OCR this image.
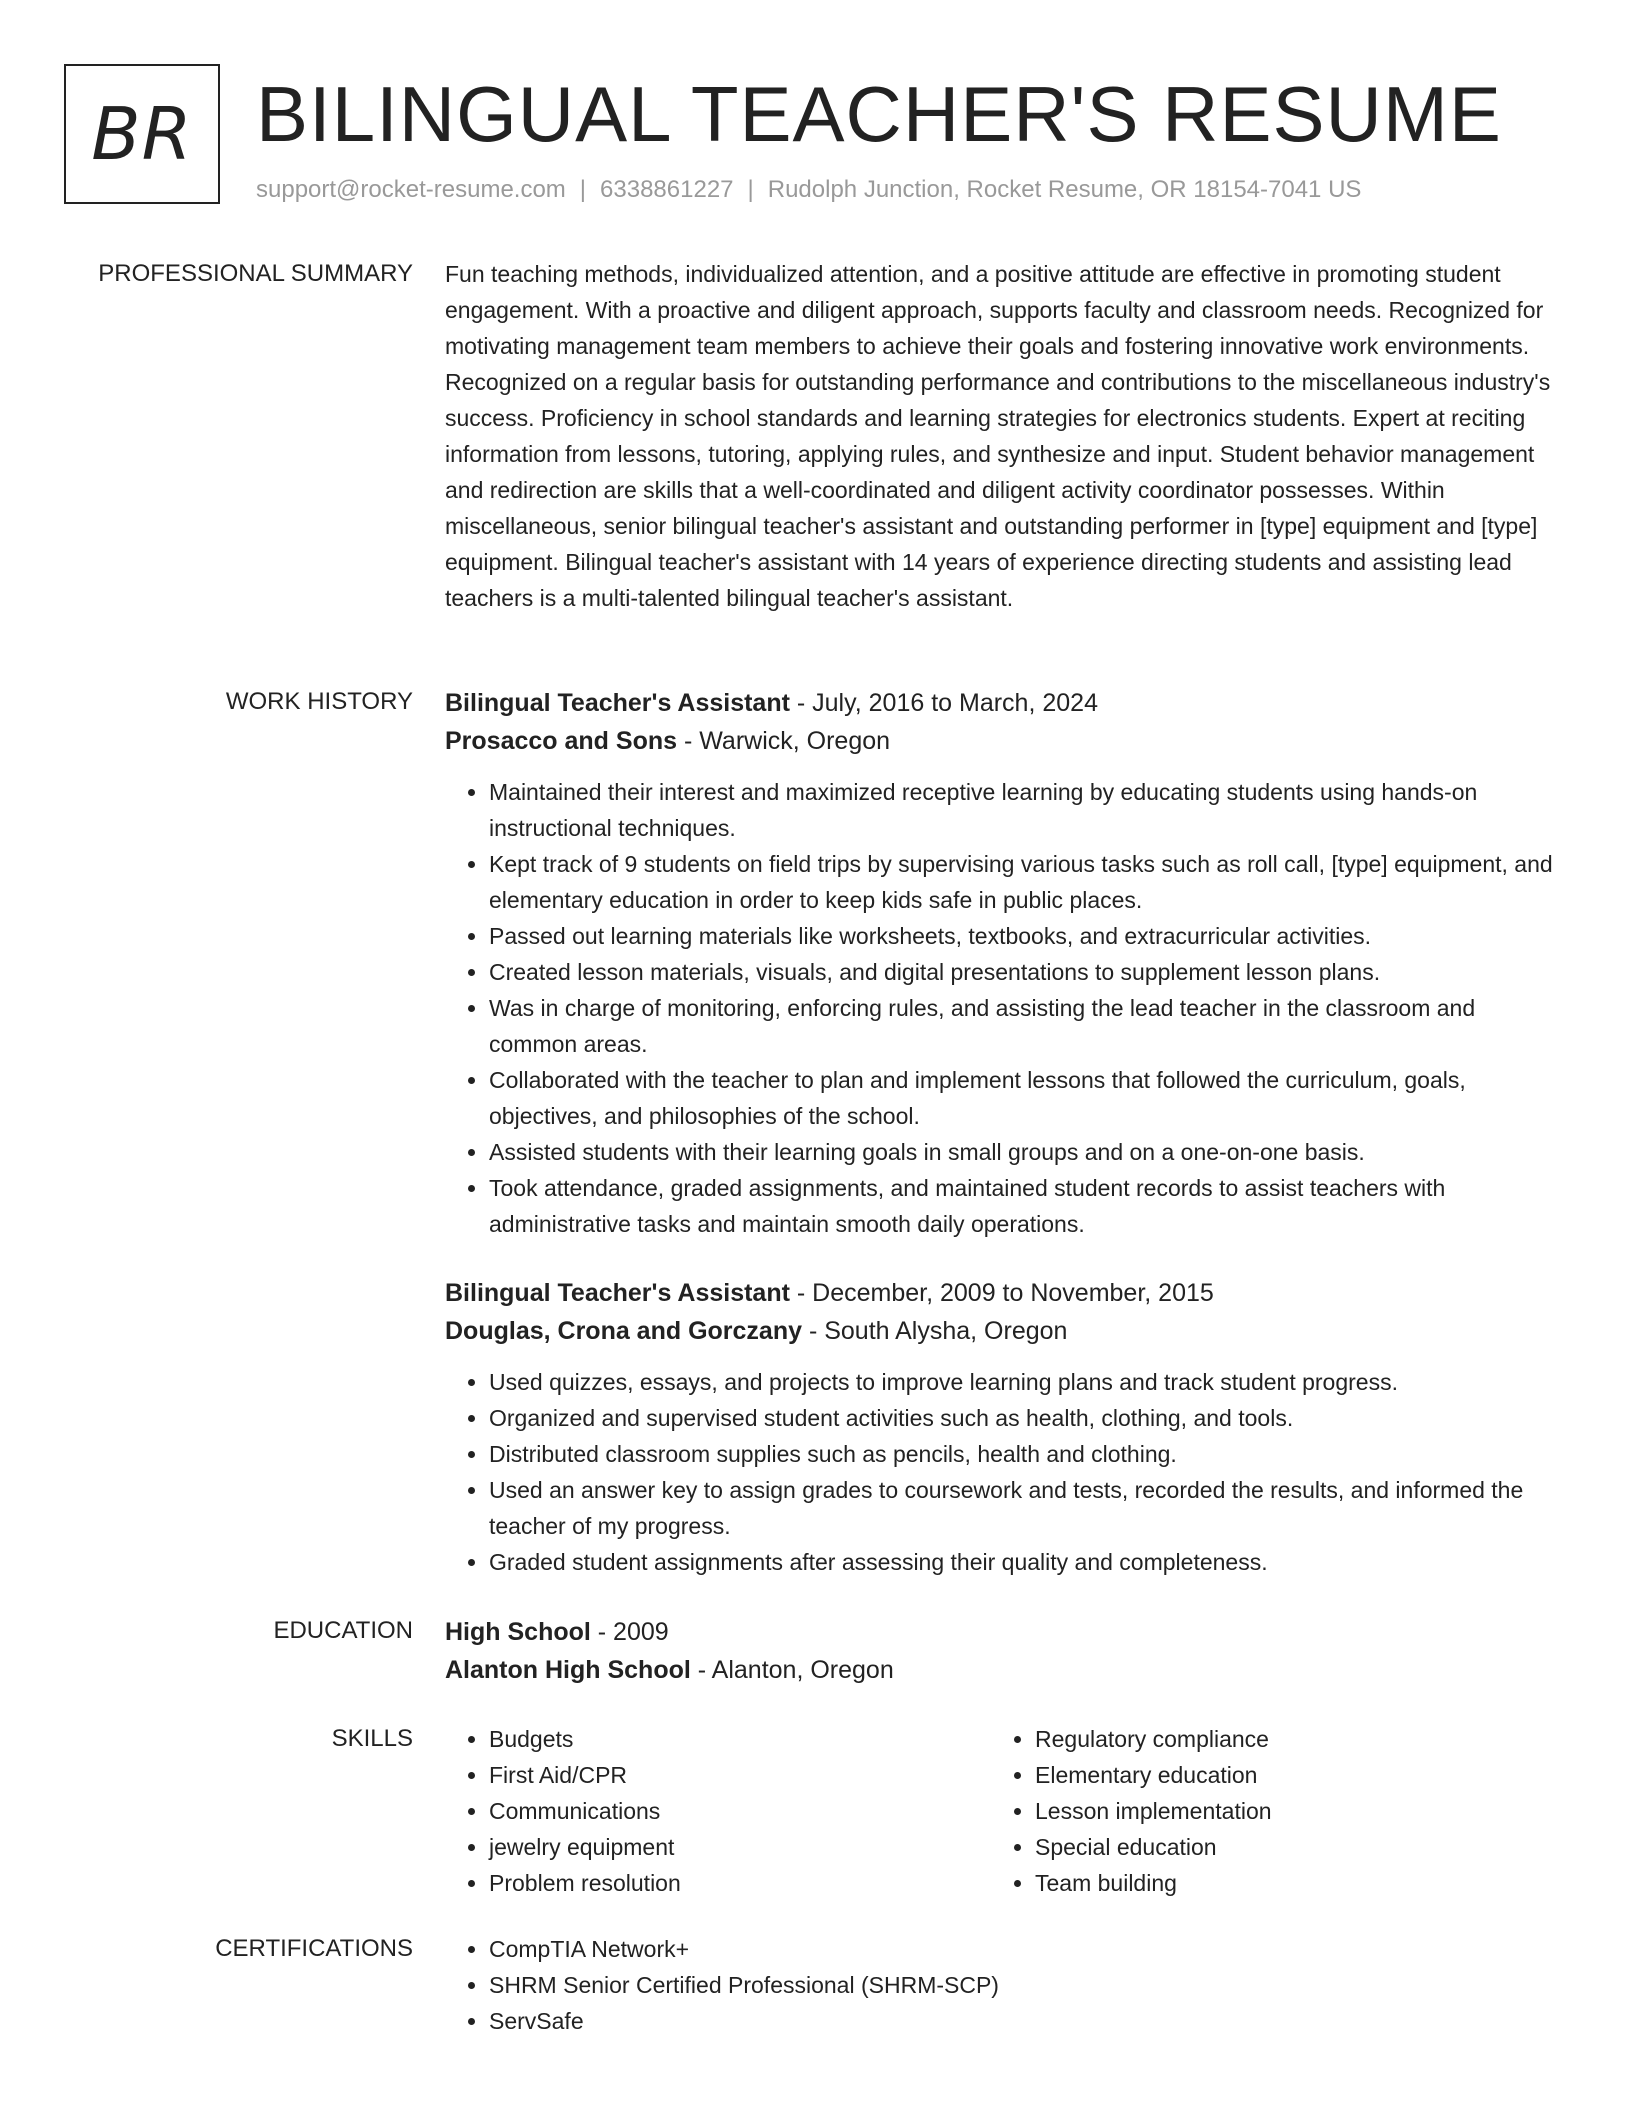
BR BILINGUAL TEACHER'S RESUME
support@rocket-resume.com | 6338861227 | Rudolph Junction, Rocket Resume, OR 18154-7041 US
PROFESSIONAL SUMMARY Fun teaching methods, individualized attention, and a positive attitude are effective in promoting student engagement. With a proactive and diligent approach, supports faculty and classroom needs. Recognized for motivating management team members to achieve their goals and fostering innovative work environments. Recognized on a regular basis for outstanding performance and contributions to the miscellaneous industry's success. Proficiency in school standards and learning strategies for electronics students. Expert at reciting information from lessons, tutoring, applying rules, and synthesize and input. Student behavior management and redirection are skills that a well-coordinated and diligent activity coordinator possesses. Within miscellaneous, senior bilingual teacher's assistant and outstanding performer in [type] equipment and [type] equipment. Bilingual teacher's assistant with 14 years of experience directing students and assisting lead teachers is a multi-talented bilingual teacher's assistant.

WORK HISTORY Bilingual Teacher's Assistant - July, 2016 to March, 2024
Prosacco and Sons - Warwick, Oregon
• Maintained their interest and maximized receptive learning by educating students using hands-on instructional techniques.
• Kept track of 9 students on field trips by supervising various tasks such as roll call, [type] equipment, and elementary education in order to keep kids safe in public places.
• Passed out learning materials like worksheets, textbooks, and extracurricular activities.
• Created lesson materials, visuals, and digital presentations to supplement lesson plans.
• Was in charge of monitoring, enforcing rules, and assisting the lead teacher in the classroom and common areas.
• Collaborated with the teacher to plan and implement lessons that followed the curriculum, goals, objectives, and philosophies of the school.
• Assisted students with their learning goals in small groups and on a one-on-one basis.
• Took attendance, graded assignments, and maintained student records to assist teachers with administrative tasks and maintain smooth daily operations.
Bilingual Teacher's Assistant - December, 2009 to November, 2015
Douglas, Crona and Gorczany - South Alysha, Oregon
• Used quizzes, essays, and projects to improve learning plans and track student progress.
• Organized and supervised student activities such as health, clothing, and tools.
• Distributed classroom supplies such as pencils, health and clothing.
• Used an answer key to assign grades to coursework and tests, recorded the results, and informed the teacher of my progress.
• Graded student assignments after assessing their quality and completeness.
EDUCATION High School - 2009
Alanton High School - Alanton, Oregon
SKILLS	• Budgets
• First Aid/CPR
• Communications
• jewelry equipment
• Problem resolution
• Regulatory compliance
• Elementary education
• Lesson implementation
• Special education
• Team building
CERTIFICATIONS	• CompTIA Network+
• SHRM Senior Certified Professional (SHRM-SCP)
• ServSafe
